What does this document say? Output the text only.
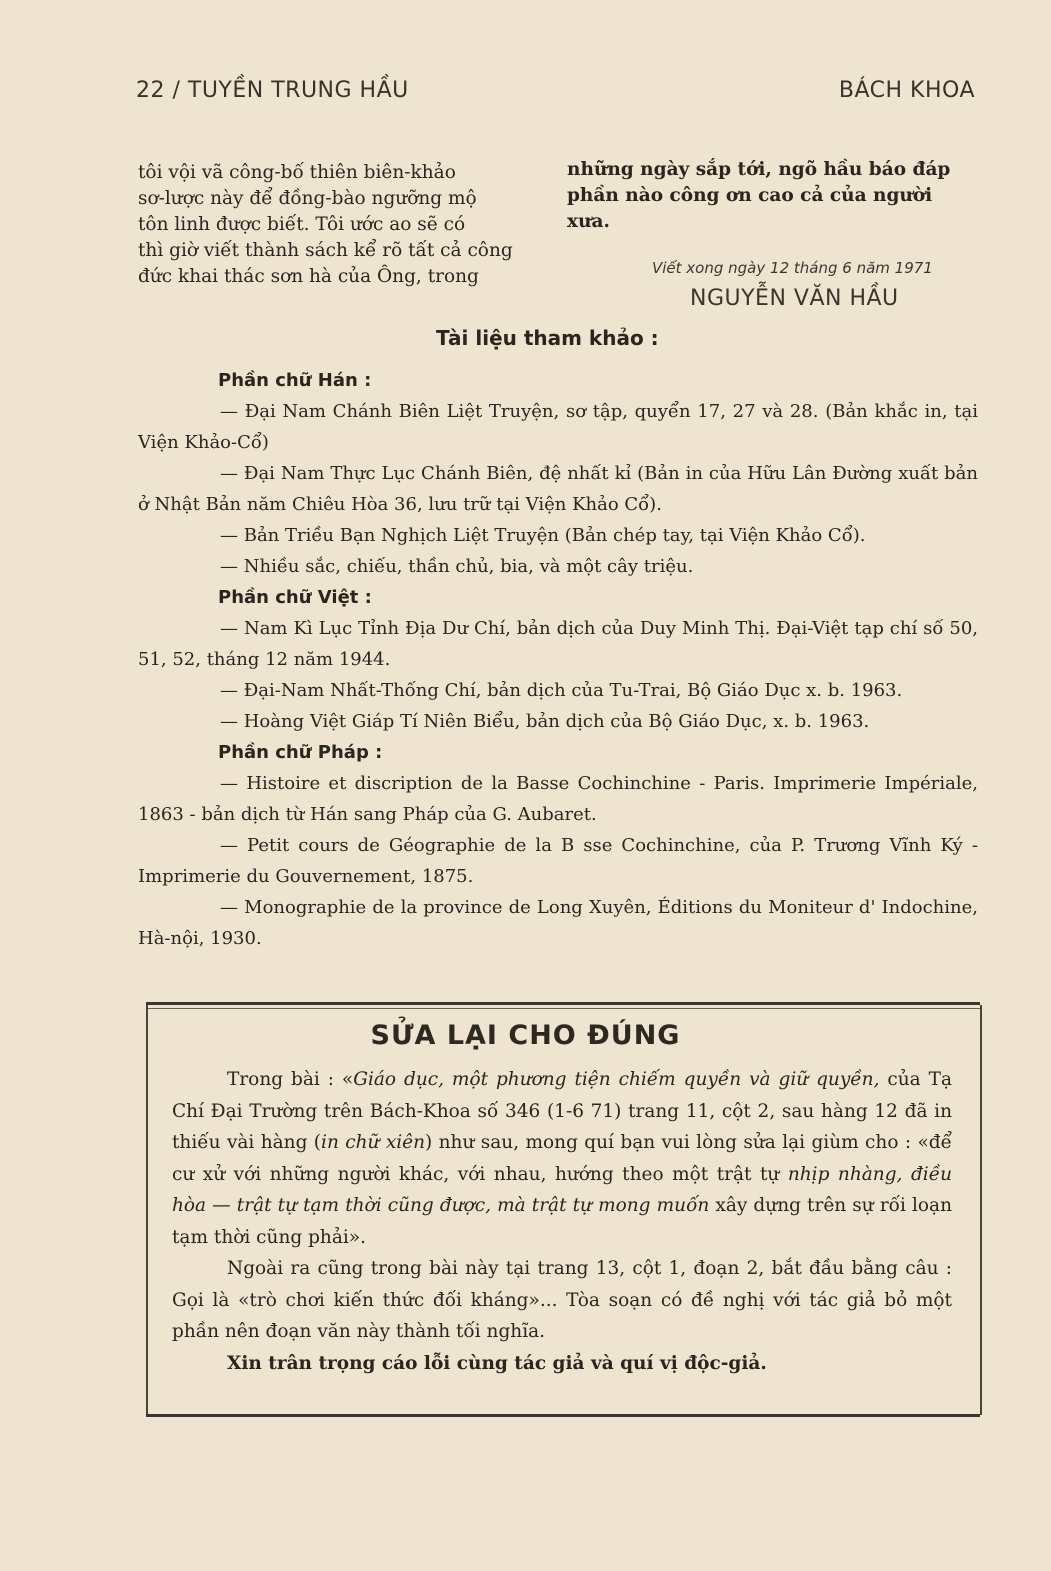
22 / TUYỀN TRUNG HẦU	BÁCH KHOA
tôi vội vã công-bố thiên biên-khảo
sơ-lược này để đồng-bào ngưỡng mộ
tôn linh được biết. Tôi ước ao sẽ có
thì giờ viết thành sách kể rõ tất cả công
đức khai thác sơn hà của Ông, trong
những ngày sắp tới, ngõ hầu báo đáp
phần nào công ơn cao cả của người
xưa.
Viết xong ngày 12 tháng 6 năm 1971
NGUYỄN VĂN HẦU
Tài liệu tham khảo :
Phần chữ Hán :
— Đại Nam Chánh Biên Liệt Truyện, sơ tập, quyển 17, 27 và 28. (Bản khắc in, tại Viện Khảo-Cổ)
— Đại Nam Thực Lục Chánh Biên, đệ nhất kỉ (Bản in của Hữu Lân Đường xuất bản ở Nhật Bản năm Chiêu Hòa 36, lưu trữ tại Viện Khảo Cổ).
— Bản Triều Bạn Nghịch Liệt Truyện (Bản chép tay, tại Viện Khảo Cổ).
— Nhiều sắc, chiếu, thần chủ, bia, và một cây triệu.
Phần chữ Việt :
— Nam Kì Lục Tỉnh Địa Dư Chí, bản dịch của Duy Minh Thị. Đại-Việt tạp chí số 50, 51, 52, tháng 12 năm 1944.
— Đại-Nam Nhất-Thống Chí, bản dịch của Tu-Trai, Bộ Giáo Dục x. b. 1963.
— Hoàng Việt Giáp Tí Niên Biểu, bản dịch của Bộ Giáo Dục, x. b. 1963.
Phần chữ Pháp :
— Histoire et discription de la Basse Cochinchine - Paris. Imprimerie Impériale, 1863 - bản dịch từ Hán sang Pháp của G. Aubaret.
— Petit cours de Géographie de la B sse Cochinchine, của P. Trương Vĩnh Ký - Imprimerie du Gouvernement, 1875.
— Monographie de la province de Long Xuyên, Éditions du Moniteur d' Indochine, Hà-nội, 1930.
SỬA LẠI CHO ĐÚNG

Trong bài : «Giáo dục, một phương tiện chiếm quyền và giữ quyền, của Tạ Chí Đại Trường trên Bách-Khoa số 346 (1-6 71) trang 11, cột 2, sau hàng 12 đã in thiếu vài hàng (in chữ xiên) như sau, mong quí bạn vui lòng sửa lại giùm cho : «để cư xử với những người khác, với nhau, hướng theo một trật tự nhịp nhàng, điều hòa — trật tự tạm thời cũng được, mà trật tự mong muốn xây dựng trên sự rối loạn tạm thời cũng phải».

Ngoài ra cũng trong bài này tại trang 13, cột 1, đoạn 2, bắt đầu bằng câu : Gọi là «trò chơi kiến thức đối kháng»... Tòa soạn có đề nghị với tác giả bỏ một phần nên đoạn văn này thành tối nghĩa.

Xin trân trọng cáo lỗi cùng tác giả và quí vị độc-giả.
